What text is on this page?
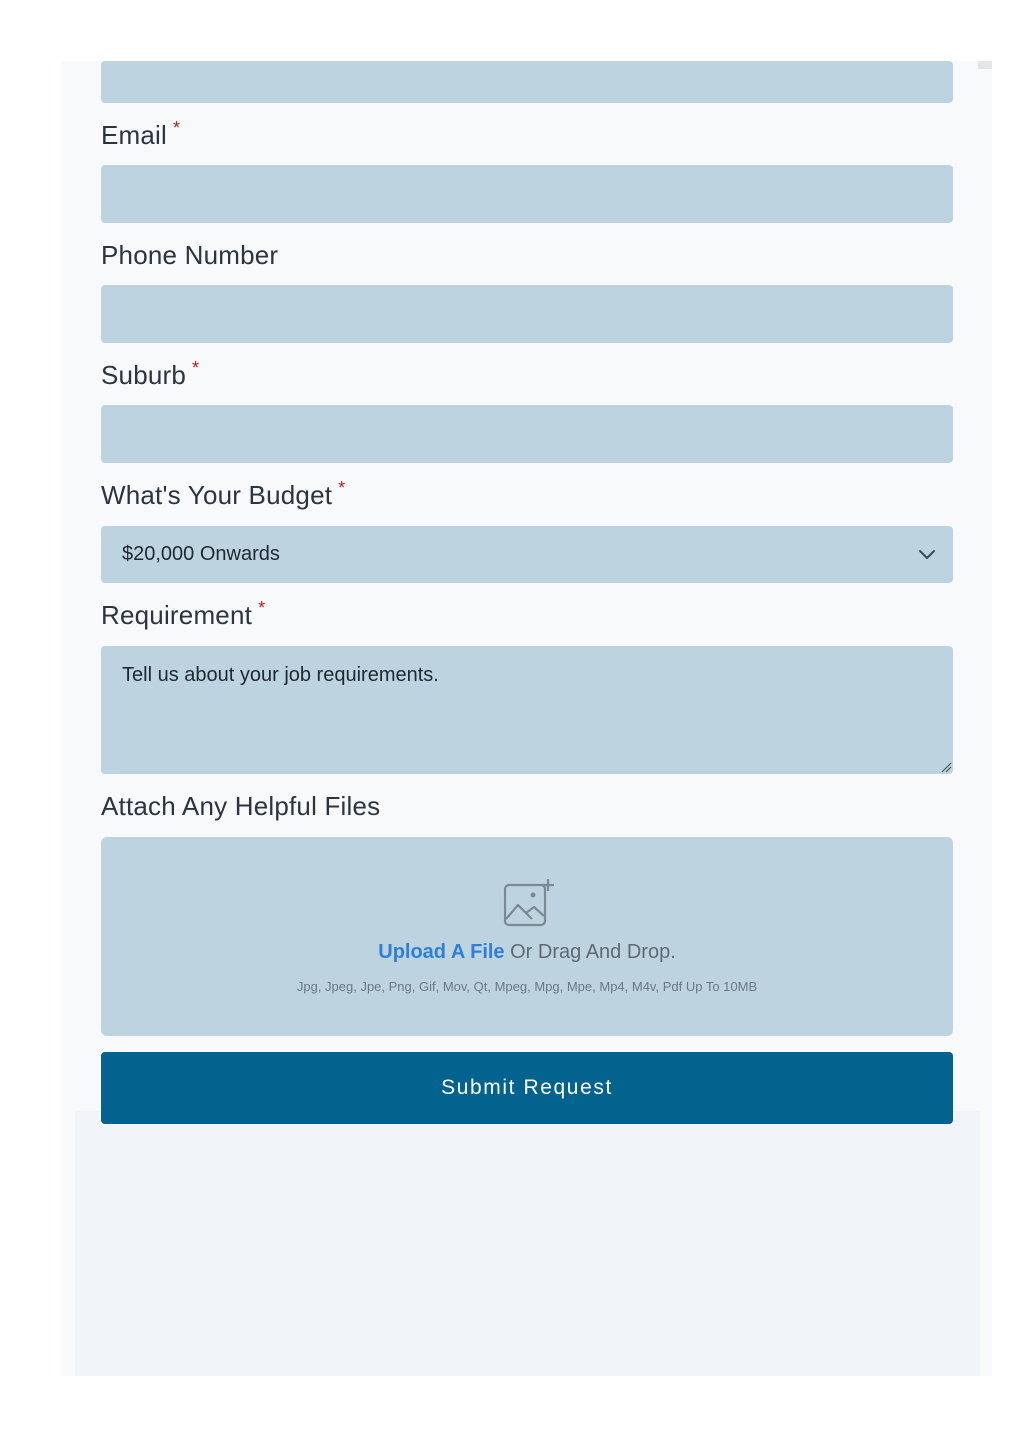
Email *
Phone Number
Suburb *
What's Your Budget *
$20,000 Onwards
Requirement *
Tell us about your job requirements.
Attach Any Helpful Files
Upload A File Or Drag And Drop.
Jpg, Jpeg, Jpe, Png, Gif, Mov, Qt, Mpeg, Mpg, Mpe, Mp4, M4v, Pdf Up To 10MB
Submit Request
